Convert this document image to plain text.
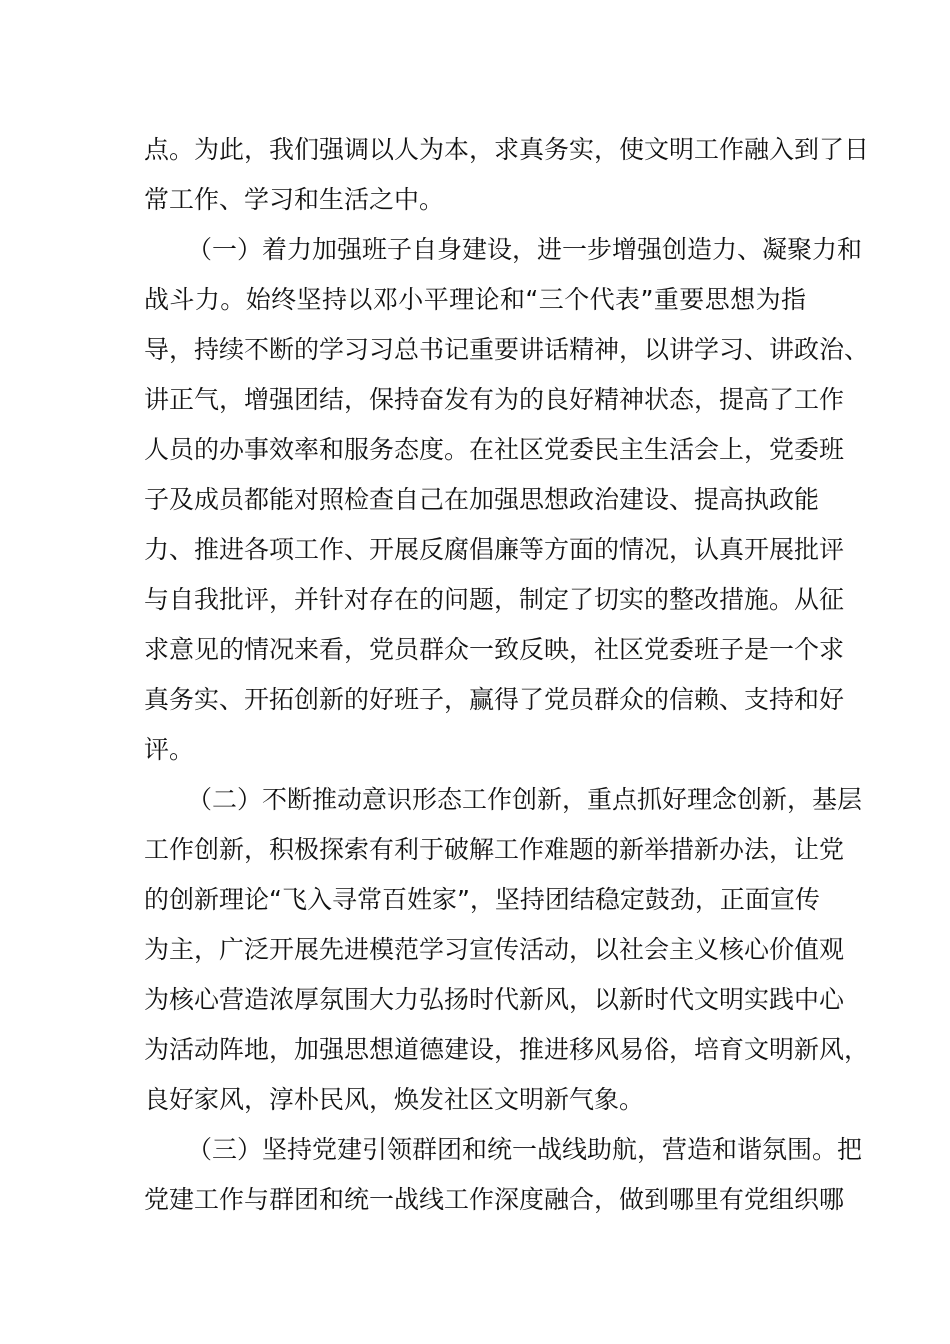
点。为此，我们强调以人为本，求真务实，使文明工作融入到了日
常工作、学习和生活之中。
（一）着力加强班子自身建设，进一步增强创造力、凝聚力和
战斗力。始终坚持以邓小平理论和“三个代表”重要思想为指
导，持续不断的学习习总书记重要讲话精神，以讲学习、讲政治、
讲正气，增强团结，保持奋发有为的良好精神状态，提高了工作
人员的办事效率和服务态度。在社区党委民主生活会上，党委班
子及成员都能对照检查自己在加强思想政治建设、提高执政能
力、推进各项工作、开展反腐倡廉等方面的情况，认真开展批评
与自我批评，并针对存在的问题，制定了切实的整改措施。从征
求意见的情况来看，党员群众一致反映，社区党委班子是一个求
真务实、开拓创新的好班子，赢得了党员群众的信赖、支持和好
评。
（二）不断推动意识形态工作创新，重点抓好理念创新，基层
工作创新，积极探索有利于破解工作难题的新举措新办法，让党
的创新理论“飞入寻常百姓家”，坚持团结稳定鼓劲，正面宣传
为主，广泛开展先进模范学习宣传活动，以社会主义核心价值观
为核心营造浓厚氛围大力弘扬时代新风，以新时代文明实践中心
为活动阵地，加强思想道德建设，推进移风易俗，培育文明新风，
良好家风，淳朴民风，焕发社区文明新气象。
（三）坚持党建引领群团和统一战线助航，营造和谐氛围。把
党建工作与群团和统一战线工作深度融合，做到哪里有党组织哪
